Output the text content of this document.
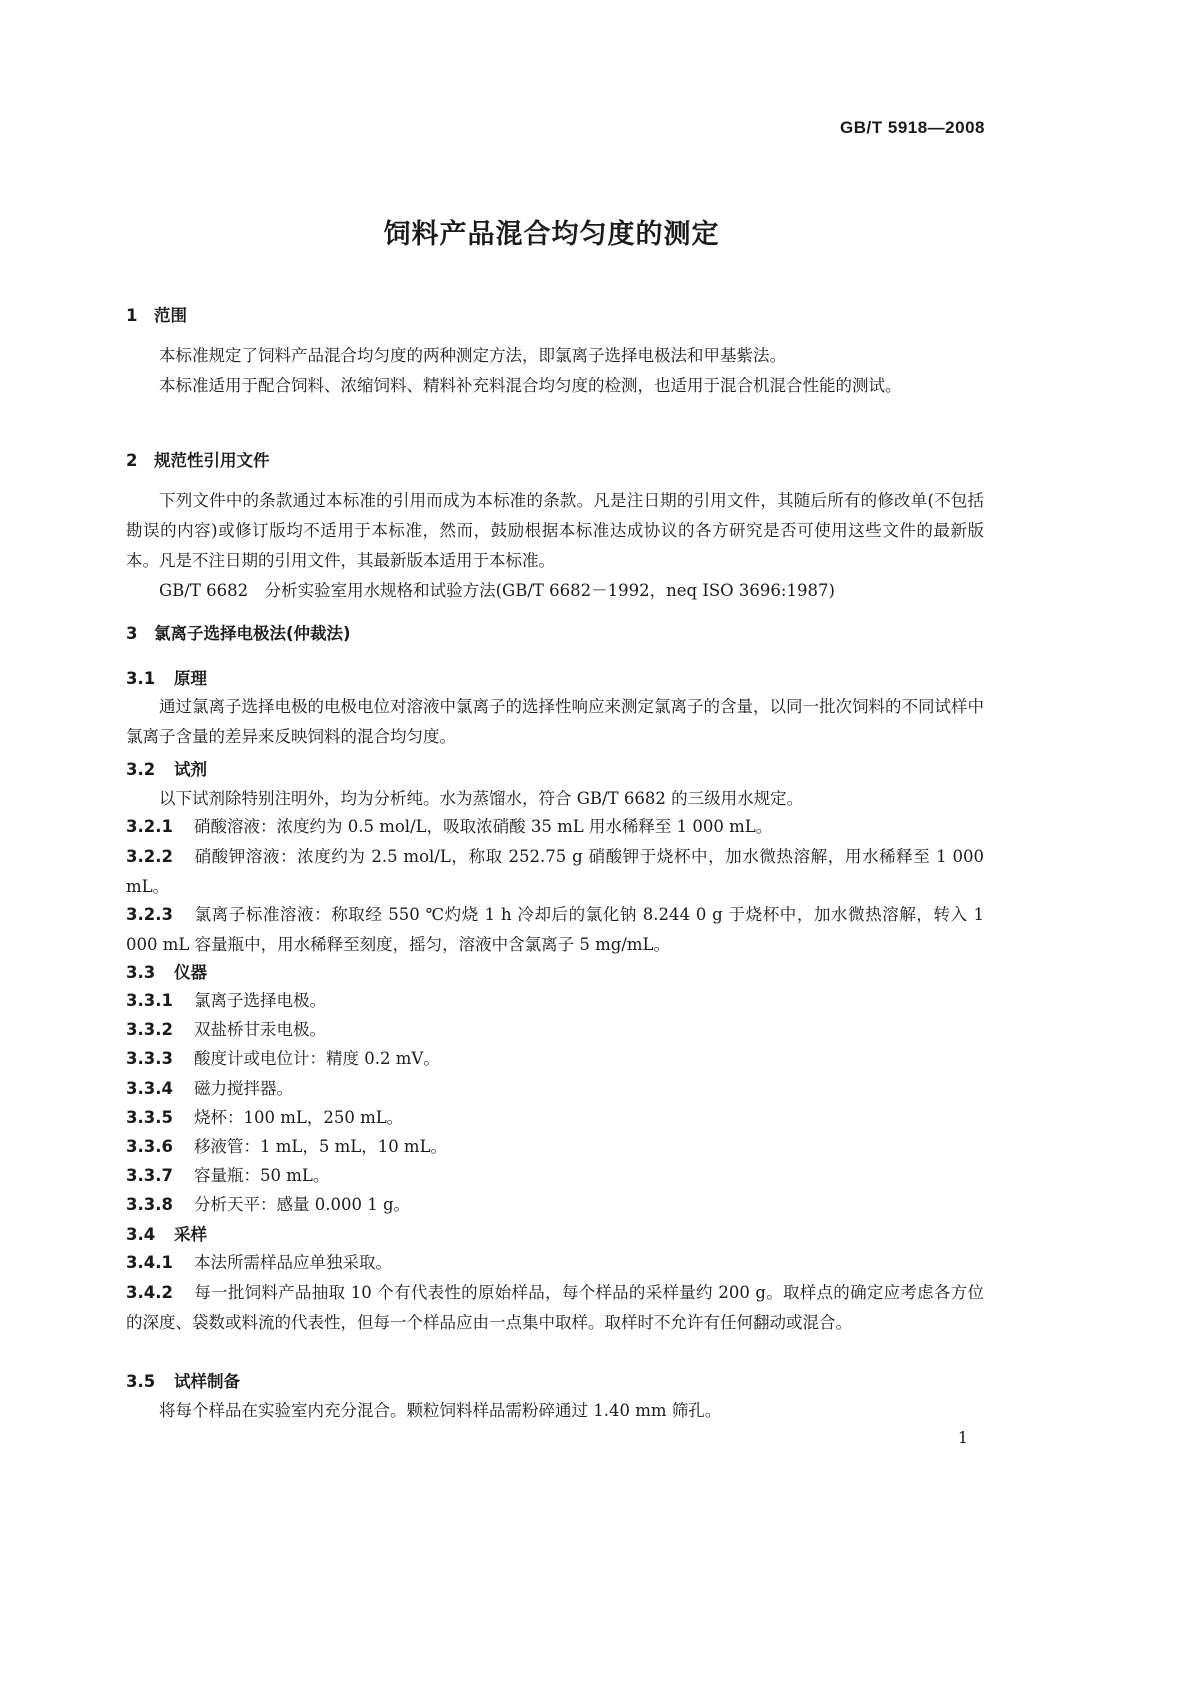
GB/T 5918—2008
饲料产品混合均匀度的测定
1 范围
本标准规定了饲料产品混合均匀度的两种测定方法，即氯离子选择电极法和甲基紫法。
本标准适用于配合饲料、浓缩饲料、精料补充料混合均匀度的检测，也适用于混合机混合性能的测试。
2 规范性引用文件
下列文件中的条款通过本标准的引用而成为本标准的条款。凡是注日期的引用文件，其随后所有的修改单(不包括勘误的内容)或修订版均不适用于本标准，然而，鼓励根据本标准达成协议的各方研究是否可使用这些文件的最新版本。凡是不注日期的引用文件，其最新版本适用于本标准。
GB/T 6682　分析实验室用水规格和试验方法(GB/T 6682－1992，neq ISO 3696:1987)
3 氯离子选择电极法(仲裁法)
3.1 原理
通过氯离子选择电极的电极电位对溶液中氯离子的选择性响应来测定氯离子的含量，以同一批次饲料的不同试样中氯离子含量的差异来反映饲料的混合均匀度。
3.2 试剂
以下试剂除特别注明外，均为分析纯。水为蒸馏水，符合 GB/T 6682 的三级用水规定。
3.2.1 硝酸溶液：浓度约为 0.5 mol/L，吸取浓硝酸 35 mL 用水稀释至 1 000 mL。
3.2.2 硝酸钾溶液：浓度约为 2.5 mol/L，称取 252.75 g 硝酸钾于烧杯中，加水微热溶解，用水稀释至 1 000 mL。
3.2.3 氯离子标准溶液：称取经 550 ℃灼烧 1 h 冷却后的氯化钠 8.244 0 g 于烧杯中，加水微热溶解，转入 1 000 mL 容量瓶中，用水稀释至刻度，摇匀，溶液中含氯离子 5 mg/mL。
3.3 仪器
3.3.1 氯离子选择电极。
3.3.2 双盐桥甘汞电极。
3.3.3 酸度计或电位计：精度 0.2 mV。
3.3.4 磁力搅拌器。
3.3.5 烧杯：100 mL，250 mL。
3.3.6 移液管：1 mL，5 mL，10 mL。
3.3.7 容量瓶：50 mL。
3.3.8 分析天平：感量 0.000 1 g。
3.4 采样
3.4.1 本法所需样品应单独采取。
3.4.2 每一批饲料产品抽取 10 个有代表性的原始样品，每个样品的采样量约 200 g。取样点的确定应考虑各方位的深度、袋数或料流的代表性，但每一个样品应由一点集中取样。取样时不允许有任何翻动或混合。
3.5 试样制备
将每个样品在实验室内充分混合。颗粒饲料样品需粉碎通过 1.40 mm 筛孔。
1
